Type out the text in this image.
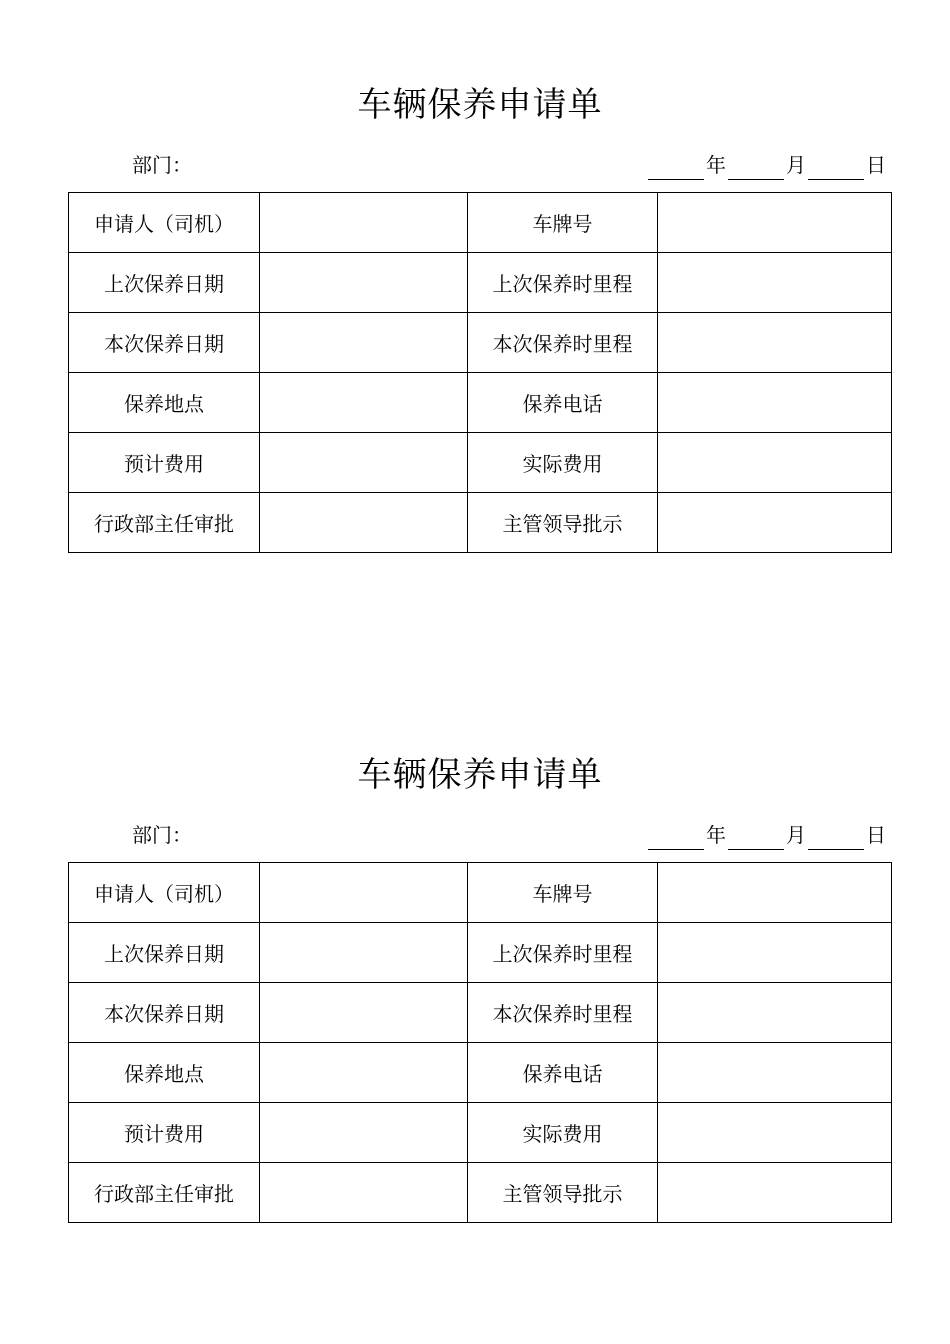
车辆保养申请单
部门：	年	月	日
申请人（司机）		车牌号	
上次保养日期		上次保养时里程	
本次保养日期		本次保养时里程	
保养地点		保养电话	
预计费用		实际费用	
行政部主任审批		主管领导批示	
车辆保养申请单
部门：	年	月	日
申请人（司机）		车牌号	
上次保养日期		上次保养时里程	
本次保养日期		本次保养时里程	
保养地点		保养电话	
预计费用		实际费用	
行政部主任审批		主管领导批示	
